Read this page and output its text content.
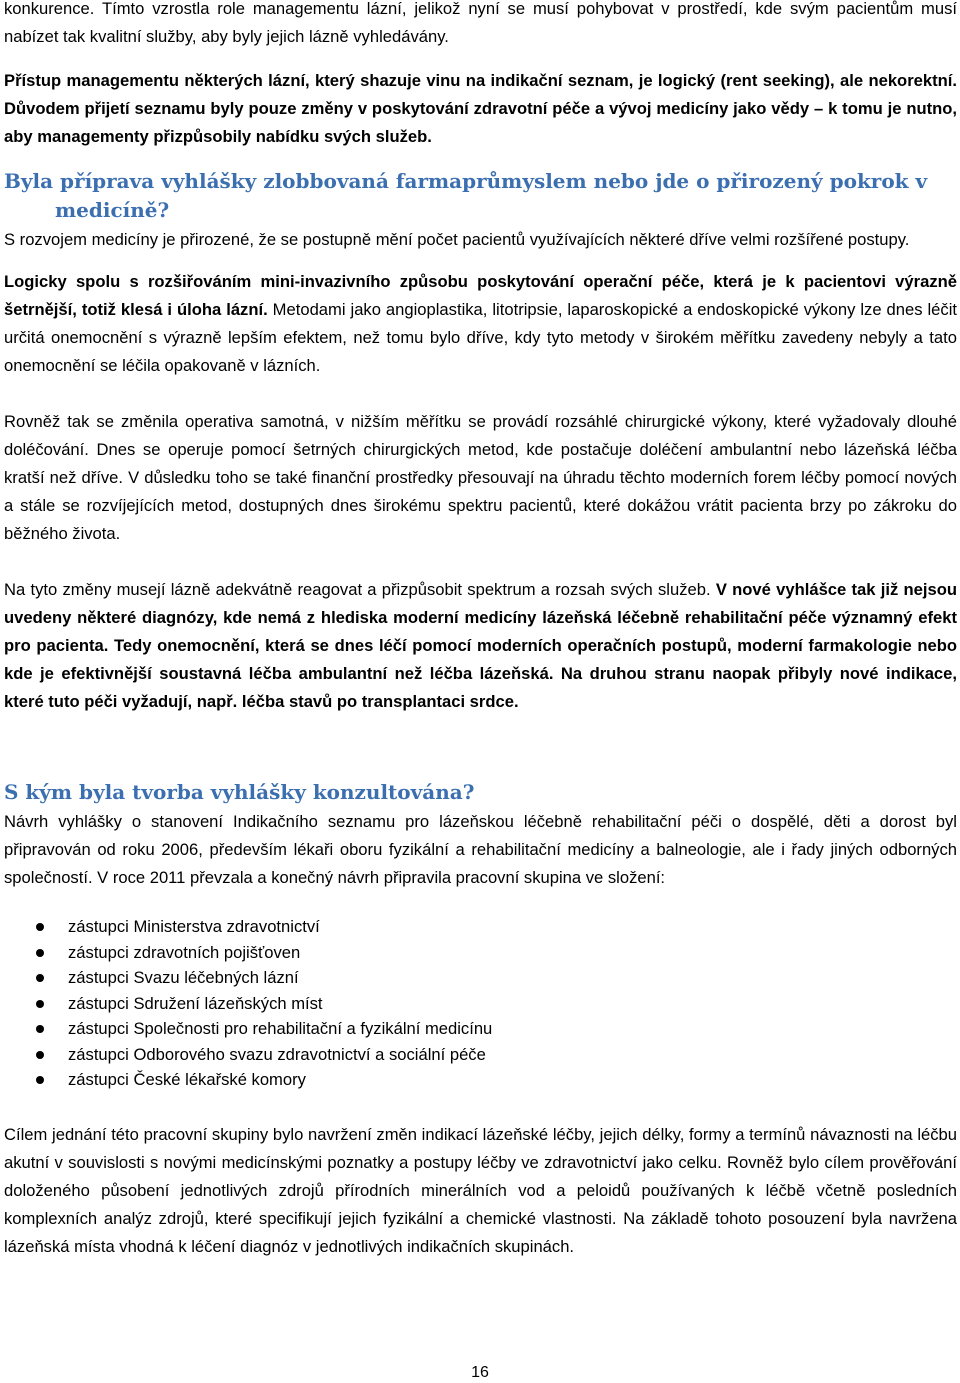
konkurence. Tímto vzrostla role managementu lázní, jelikož nyní se musí pohybovat v prostředí, kde svým pacientům musí nabízet tak kvalitní služby, aby byly jejich lázně vyhledávány.

Přístup managementu některých lázní, který shazuje vinu na indikační seznam, je logický (rent seeking), ale nekorektní. Důvodem přijetí seznamu byly pouze změny v poskytování zdravotní péče a vývoj medicíny jako vědy – k tomu je nutno, aby managementy přizpůsobily nabídku svých služeb.

Byla příprava vyhlášky zlobbovaná farmaprůmyslem nebo jde o přirozený pokrok v medicíně?

S rozvojem medicíny je přirozené, že se postupně mění počet pacientů využívajících některé dříve velmi rozšířené postupy.

Logicky spolu s rozšiřováním mini-invazivního způsobu poskytování operační péče, která je k pacientovi výrazně šetrnější, totiž klesá i úloha lázní. Metodami jako angioplastika, litotripsie, laparoskopické a endoskopické výkony lze dnes léčit určitá onemocnění s výrazně lepším efektem, než tomu bylo dříve, kdy tyto metody v širokém měřítku zavedeny nebyly a tato onemocnění se léčila opakovaně v lázních.

Rovněž tak se změnila operativa samotná, v nižším měřítku se provádí rozsáhlé chirurgické výkony, které vyžadovaly dlouhé doléčování. Dnes se operuje pomocí šetrných chirurgických metod, kde postačuje doléčení ambulantní nebo lázeňská léčba kratší než dříve. V důsledku toho se také finanční prostředky přesouvají na úhradu těchto moderních forem léčby pomocí nových a stále se rozvíjejících metod, dostupných dnes širokému spektru pacientů, které dokážou vrátit pacienta brzy po zákroku do běžného života.

Na tyto změny musejí lázně adekvátně reagovat a přizpůsobit spektrum a rozsah svých služeb. V nové vyhlášce tak již nejsou uvedeny některé diagnózy, kde nemá z hlediska moderní medicíny lázeňská léčebně rehabilitační péče významný efekt pro pacienta. Tedy onemocnění, která se dnes léčí pomocí moderních operačních postupů, moderní farmakologie nebo kde je efektivnější soustavná léčba ambulantní než léčba lázeňská. Na druhou stranu naopak přibyly nové indikace, které tuto péči vyžadují, např. léčba stavů po transplantaci srdce.

S kým byla tvorba vyhlášky konzultována?

Návrh vyhlášky o stanovení Indikačního seznamu pro lázeňskou léčebně rehabilitační péči o dospělé, děti a dorost byl připravován od roku 2006, především lékaři oboru fyzikální a rehabilitační medicíny a balneologie, ale i řady jiných odborných společností. V roce 2011 převzala a konečný návrh připravila pracovní skupina ve složení:

zástupci Ministerstva zdravotnictví
zástupci zdravotních pojišťoven
zástupci Svazu léčebných lázní
zástupci Sdružení lázeňských míst
zástupci Společnosti pro rehabilitační a fyzikální medicínu
zástupci Odborového svazu zdravotnictví a sociální péče
zástupci České lékařské komory

Cílem jednání této pracovní skupiny bylo navržení změn indikací lázeňské léčby, jejich délky, formy a termínů návaznosti na léčbu akutní v souvislosti s novými medicínskými poznatky a postupy léčby ve zdravotnictví jako celku. Rovněž bylo cílem prověřování doloženého působení jednotlivých zdrojů přírodních minerálních vod a peloidů používaných k léčbě včetně posledních komplexních analýz zdrojů, které specifikují jejich fyzikální a chemické vlastnosti. Na základě tohoto posouzení byla navržena lázeňská místa vhodná k léčení diagnóz v jednotlivých indikačních skupinách.

16
